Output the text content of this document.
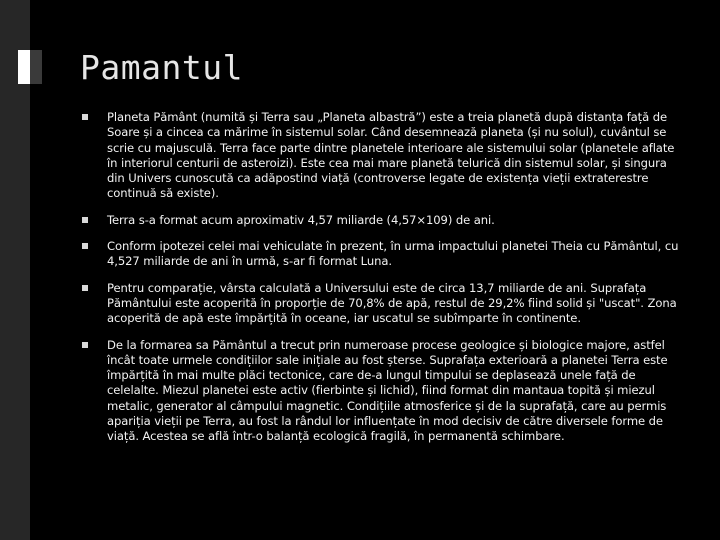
Pamantul
Planeta Pământ (numită și Terra sau „Planeta albastră”) este a treia planetă după distanța față de Soare și a cincea ca mărime în sistemul solar. Când desemnează planeta (și nu solul), cuvântul se scrie cu majusculă. Terra face parte dintre planetele interioare ale sistemului solar (planetele aflate în interiorul centurii de asteroizi). Este cea mai mare planetă telurică din sistemul solar, și singura din Univers cunoscută ca adăpostind viață (controverse legate de existența vieții extraterestre continuă să existe).
Terra s-a format acum aproximativ 4,57 miliarde (4,57×109) de ani.
Conform ipotezei celei mai vehiculate în prezent, în urma impactului planetei Theia cu Pământul, cu 4,527 miliarde de ani în urmă, s-ar fi format Luna.
Pentru comparație, vârsta calculată a Universului este de circa 13,7 miliarde de ani. Suprafața Pământului este acoperită în proporție de 70,8% de apă, restul de 29,2% fiind solid și "uscat". Zona acoperită de apă este împărțită în oceane, iar uscatul se subîmparte în continente.
De la formarea sa Pământul a trecut prin numeroase procese geologice și biologice majore, astfel încât toate urmele condițiilor sale inițiale au fost șterse. Suprafața exterioară a planetei Terra este împărțită în mai multe plăci tectonice, care de-a lungul timpului se deplasează unele față de celelalte. Miezul planetei este activ (fierbinte și lichid), fiind format din mantaua topită și miezul metalic, generator al câmpului magnetic. Condițiile atmosferice și de la suprafață, care au permis apariția vieții pe Terra, au fost la rândul lor influențate în mod decisiv de către diversele forme de viață. Acestea se află într-o balanță ecologică fragilă, în permanentă schimbare.
